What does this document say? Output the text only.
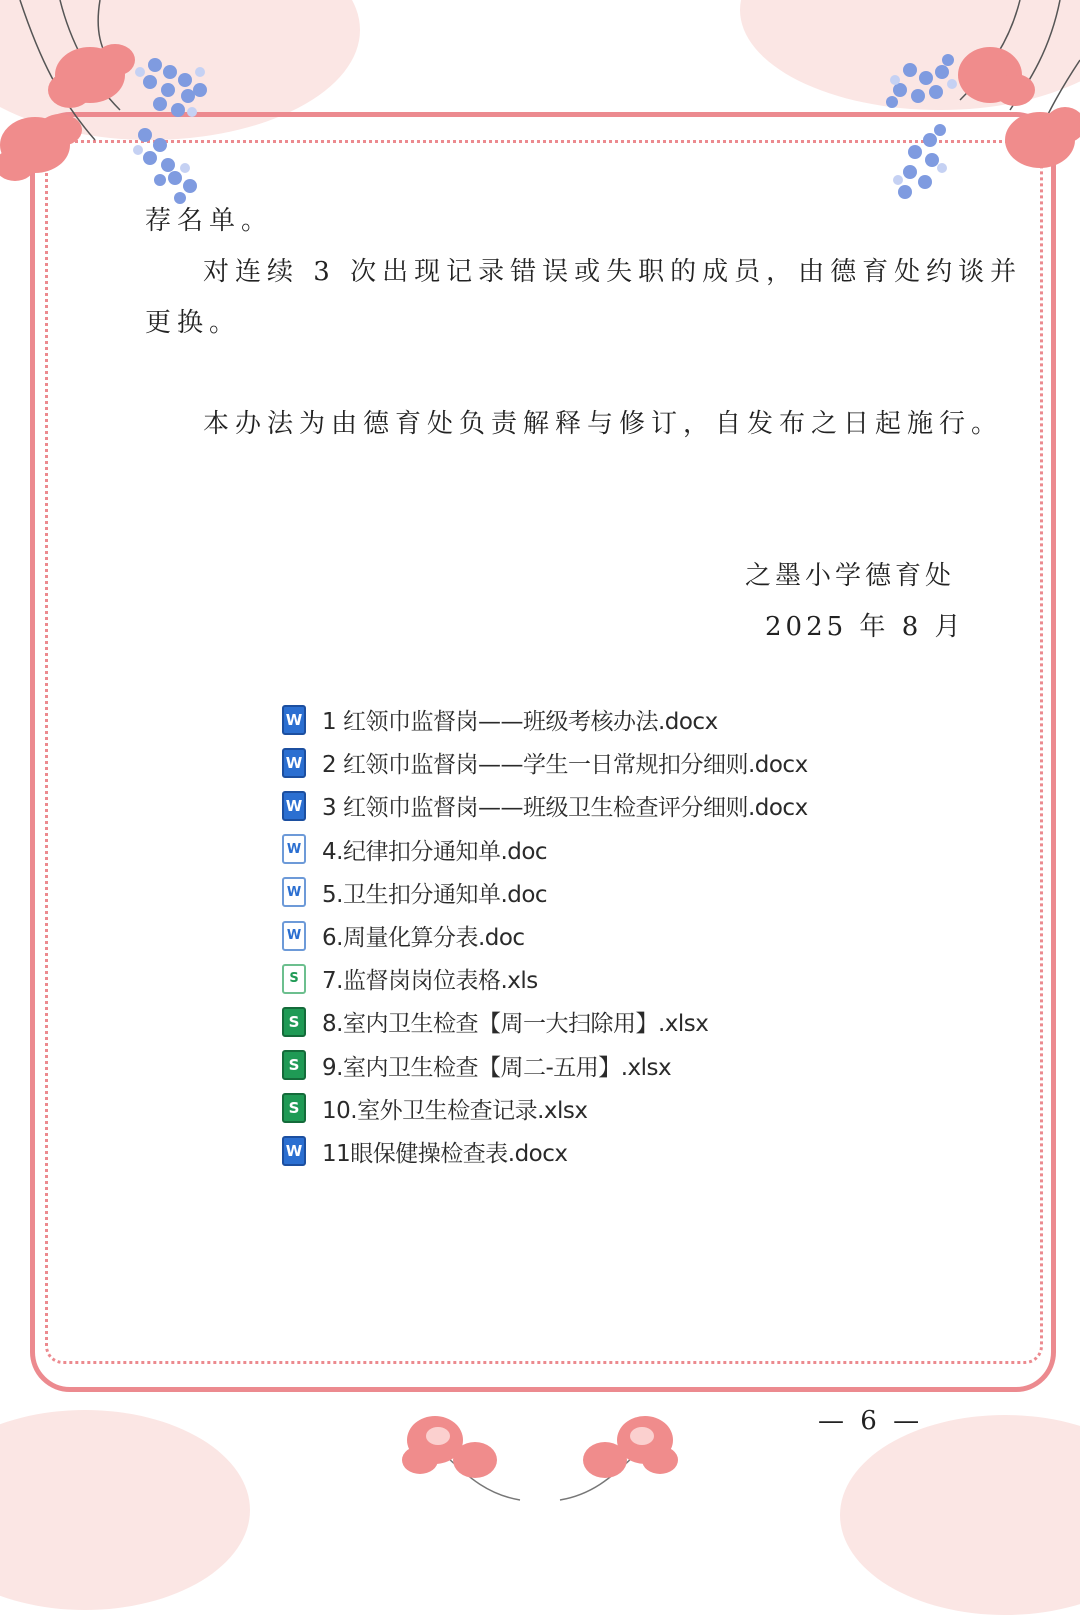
荐名单。
对连续 3 次出现记录错误或失职的成员，由德育处约谈并
更换。
本办法为由德育处负责解释与修订，自发布之日起施行。
之墨小学德育处
2025 年 8 月
W 1 红领巾监督岗——班级考核办法.docx
W 2 红领巾监督岗——学生一日常规扣分细则.docx
W 3 红领巾监督岗——班级卫生检查评分细则.docx
W 4.纪律扣分通知单.doc
W 5.卫生扣分通知单.doc
W 6.周量化算分表.doc
S	7.监督岗岗位表格.xls
S 8.室内卫生检查【周一大扫除用】.xlsx
S 9.室内卫生检查【周二-五用】.xlsx
S 10.室外卫生检查记录.xlsx
W 11眼保健操检查表.docx
— 6 —
